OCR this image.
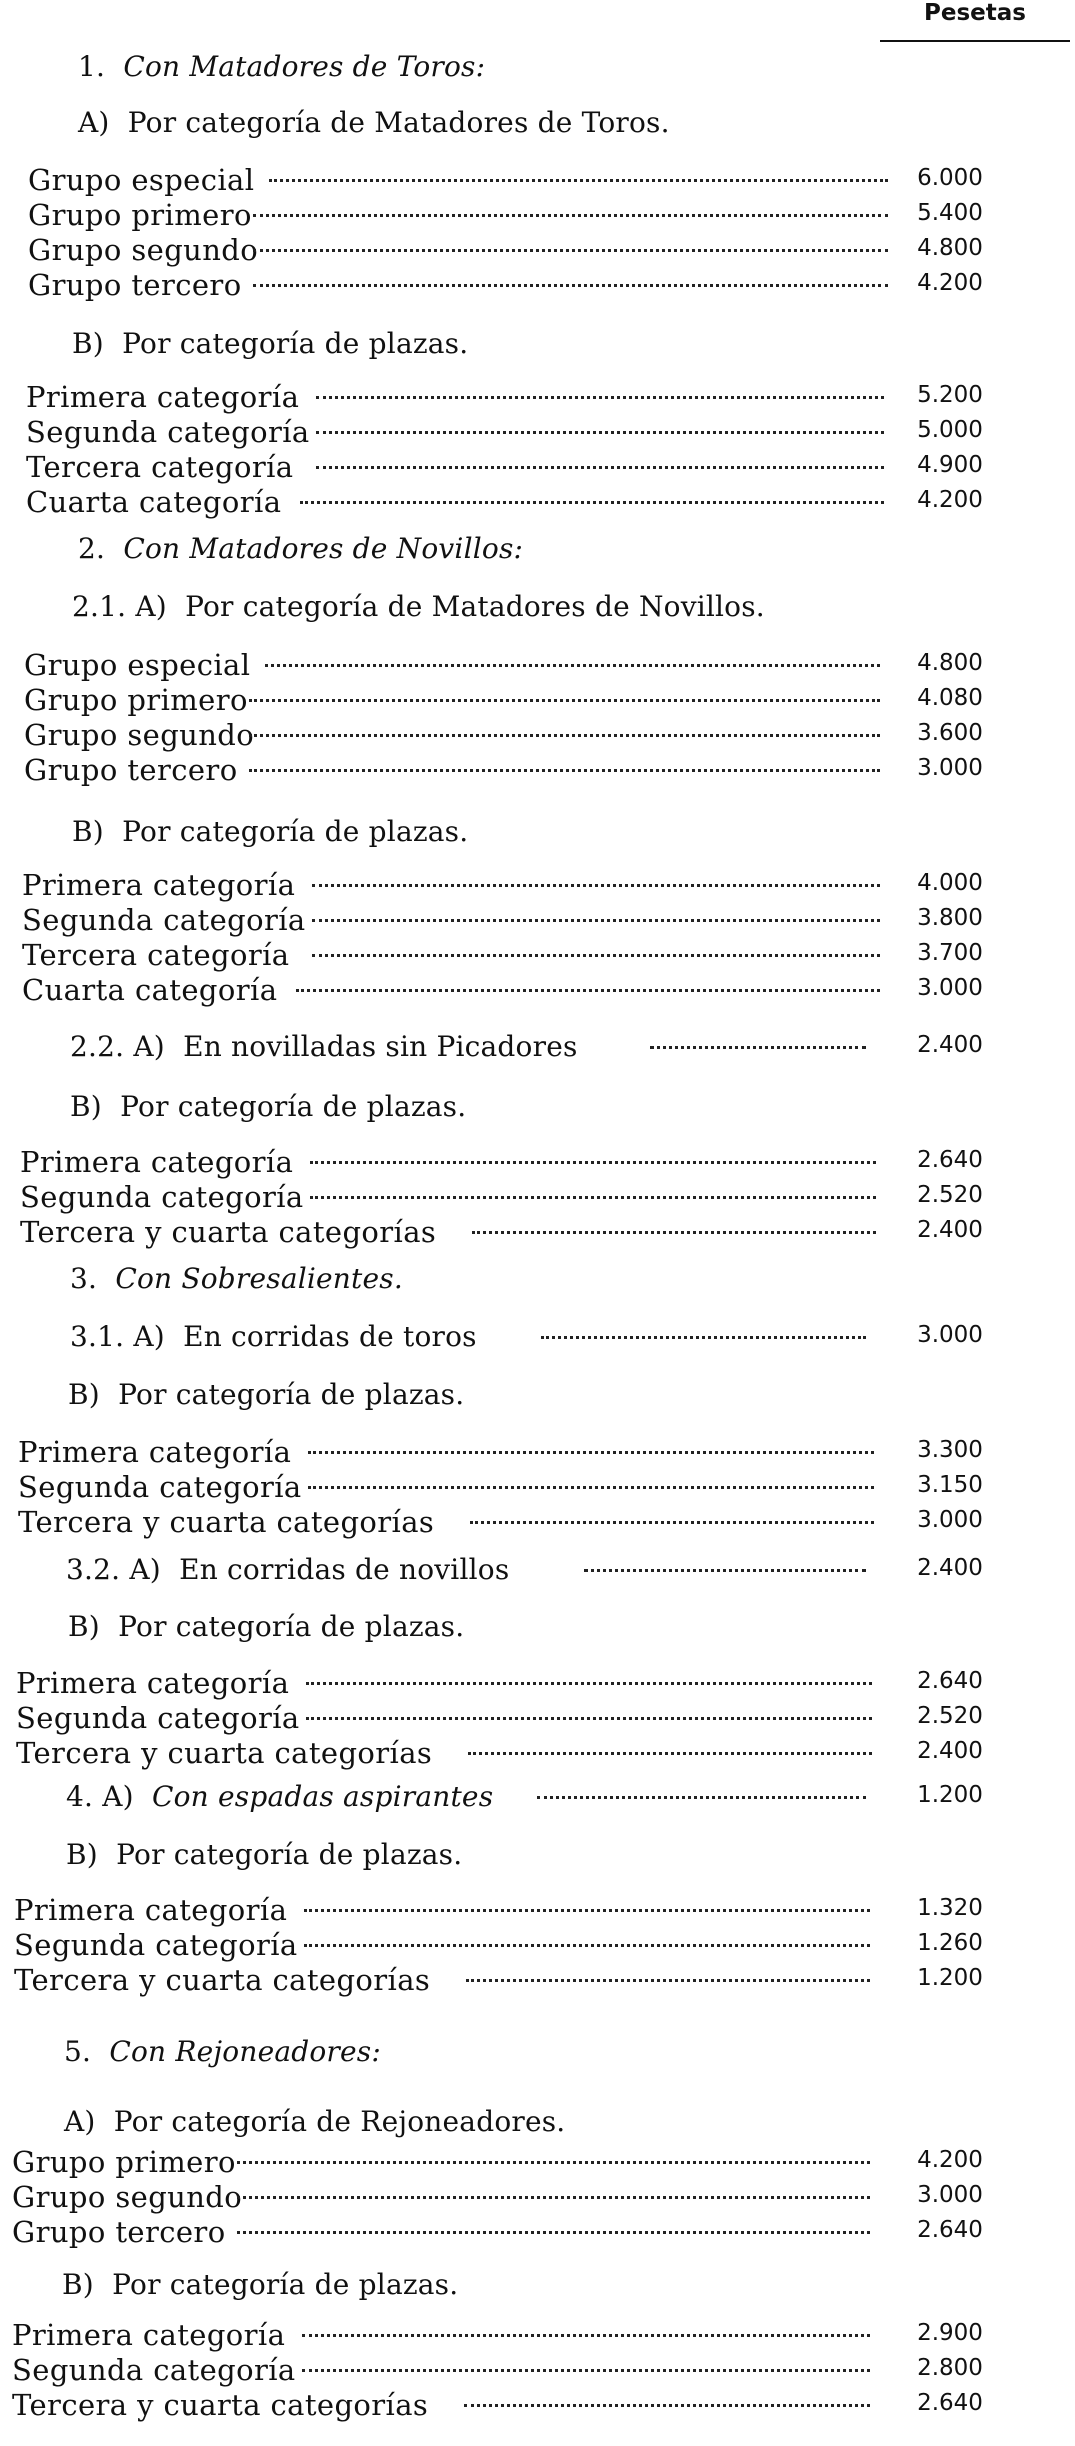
Pesetas
1.  Con Matadores de Toros:
A)  Por categoría de Matadores de Toros.
Grupo especial	6.000
Grupo primero	5.400
Grupo segundo	4.800
Grupo tercero	4.200
B)  Por categoría de plazas.
Primera categoría	5.200
Segunda categoría	5.000
Tercera categoría	4.900
Cuarta categoría	4.200
2.  Con Matadores de Novillos:
2.1. A)  Por categoría de Matadores de Novillos.
Grupo especial	4.800
Grupo primero	4.080
Grupo segundo	3.600
Grupo tercero	3.000
B)  Por categoría de plazas.
Primera categoría	4.000
Segunda categoría	3.800
Tercera categoría	3.700
Cuarta categoría	3.000
2.2. A)  En novilladas sin Picadores	2.400
B)  Por categoría de plazas.
Primera categoría	2.640
Segunda categoría	2.520
Tercera y cuarta categorías	2.400
3.  Con Sobresalientes.
3.1. A)  En corridas de toros	3.000
B)  Por categoría de plazas.
Primera categoría	3.300
Segunda categoría	3.150
Tercera y cuarta categorías	3.000
3.2. A)  En corridas de novillos	2.400
B)  Por categoría de plazas.
Primera categoría	2.640
Segunda categoría	2.520
Tercera y cuarta categorías	2.400
4. A)  Con espadas aspirantes	1.200
B)  Por categoría de plazas.
Primera categoría	1.320
Segunda categoría	1.260
Tercera y cuarta categorías	1.200
5.  Con Rejoneadores:
A)  Por categoría de Rejoneadores.
Grupo primero	4.200
Grupo segundo	3.000
Grupo tercero	2.640
B)  Por categoría de plazas.
Primera categoría	2.900
Segunda categoría	2.800
Tercera y cuarta categorías	2.640
